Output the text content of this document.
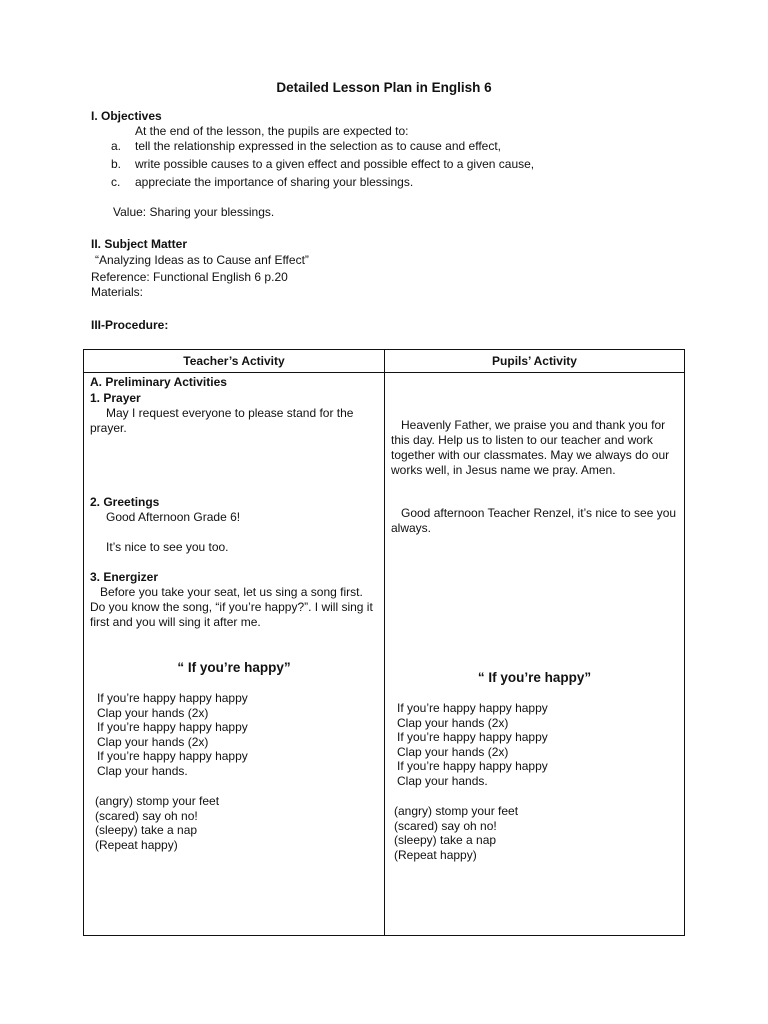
Detailed Lesson Plan in English 6
I. Objectives
At the end of the lesson, the pupils are expected to:
a. tell the relationship expressed in the selection as to cause and effect,
b. write possible causes to a given effect and possible effect to a given cause,
c. appreciate the importance of sharing your blessings.
Value: Sharing your blessings.
II. Subject Matter
“Analyzing Ideas as to Cause anf Effect”
Reference: Functional English 6 p.20
Materials:
III-Procedure:
Teacher’s Activity	Pupils’ Activity
A. Preliminary Activities
1. Prayer
May I request everyone to please stand for the prayer.
2. Greetings
Good Afternoon Grade 6!
It’s nice to see you too.
3. Energizer
Before you take your seat, let us sing a song first. Do you know the song, “if you’re happy?”. I will sing it first and you will sing it after me.
“ If you’re happy”
If you’re happy happy happy
Clap your hands (2x)
If you’re happy happy happy
Clap your hands (2x)
If you’re happy happy happy
Clap your hands.
(angry) stomp your feet
(scared) say oh no!
(sleepy) take a nap
(Repeat happy)
Heavenly Father, we praise you and thank you for this day. Help us to listen to our teacher and work together with our classmates. May we always do our works well, in Jesus name we pray. Amen.
Good afternoon Teacher Renzel, it’s nice to see you always.
“ If you’re happy”
If you’re happy happy happy
Clap your hands (2x)
If you’re happy happy happy
Clap your hands (2x)
If you’re happy happy happy
Clap your hands.
(angry) stomp your feet
(scared) say oh no!
(sleepy) take a nap
(Repeat happy)
